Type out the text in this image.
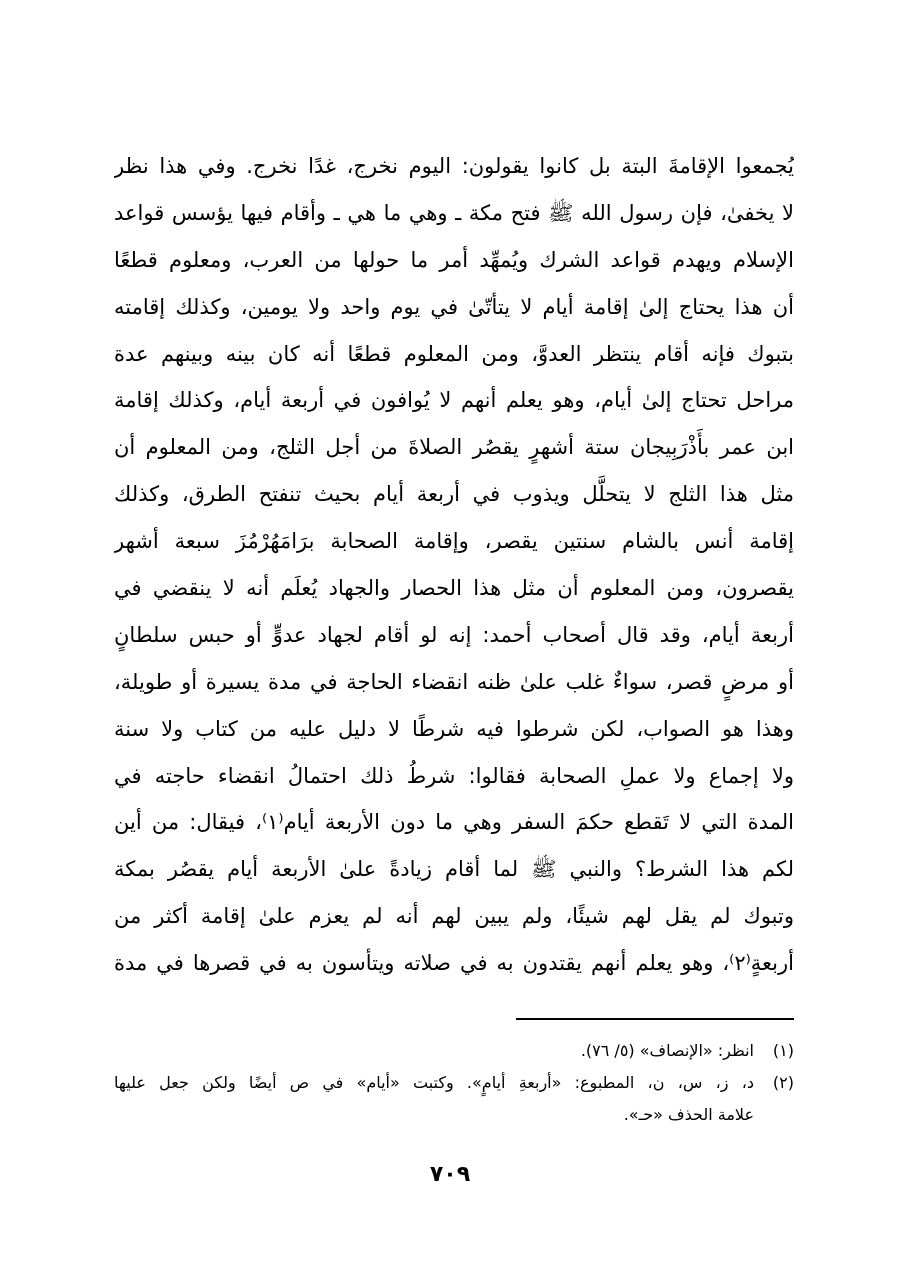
يُجمعوا الإقامةَ البتة بل كانوا يقولون: اليوم نخرج، غدًا نخرج. وفي هذا نظر
لا يخفىٰ، فإن رسول الله ﷺ فتح مكة ـ وهي ما هي ـ وأقام فيها يؤسس قواعد
الإسلام ويهدم قواعد الشرك ويُمهِّد أمر ما حولها من العرب، ومعلوم قطعًا
أن هذا يحتاج إلىٰ إقامة أيام لا يتأتّىٰ في يوم واحد ولا يومين، وكذلك إقامته
بتبوك فإنه أقام ينتظر العدوَّ، ومن المعلوم قطعًا أنه كان بينه وبينهم عدة
مراحل تحتاج إلىٰ أيام، وهو يعلم أنهم لا يُوافون في أربعة أيام، وكذلك إقامة
ابن عمر بأَذْرَبِيجان ستة أشهرٍ يقصُر الصلاةَ من أجل الثلج، ومن المعلوم أن
مثل هذا الثلج لا يتحلَّل ويذوب في أربعة أيام بحيث تنفتح الطرق، وكذلك
إقامة أنس بالشام سنتين يقصر، وإقامة الصحابة برَامَهُرْمُزَ سبعة أشهر
يقصرون، ومن المعلوم أن مثل هذا الحصار والجهاد يُعلَم أنه لا ينقضي في
أربعة أيام، وقد قال أصحاب أحمد: إنه لو أقام لجهاد عدوٍّ أو حبس سلطانٍ
أو مرضٍ قصر، سواءٌ غلب علىٰ ظنه انقضاء الحاجة في مدة يسيرة أو طويلة،
وهذا هو الصواب، لكن شرطوا فيه شرطًا لا دليل عليه من كتاب ولا سنة
ولا إجماع ولا عملِ الصحابة فقالوا: شرطُ ذلك احتمالُ انقضاء حاجته في
المدة التي لا تَقطع حكمَ السفر وهي ما دون الأربعة أيام⁽١⁾، فيقال: من أين
لكم هذا الشرط؟ والنبي ﷺ لما أقام زيادةً علىٰ الأربعة أيام يقصُر بمكة
وتبوك لم يقل لهم شيئًا، ولم يبين لهم أنه لم يعزم علىٰ إقامة أكثر من
أربعةٍ⁽٢⁾، وهو يعلم أنهم يقتدون به في صلاته ويتأسون به في قصرها في مدة
(١)
انظر: «الإنصاف» (٥/ ٧٦).
(٢)
د، ز، س، ن، المطبوع: «أربعةِ أيامٍ». وكتبت «أيام» في ص أيضًا ولكن جعل عليها
علامة الحذف «حـ».
٧٠٩
